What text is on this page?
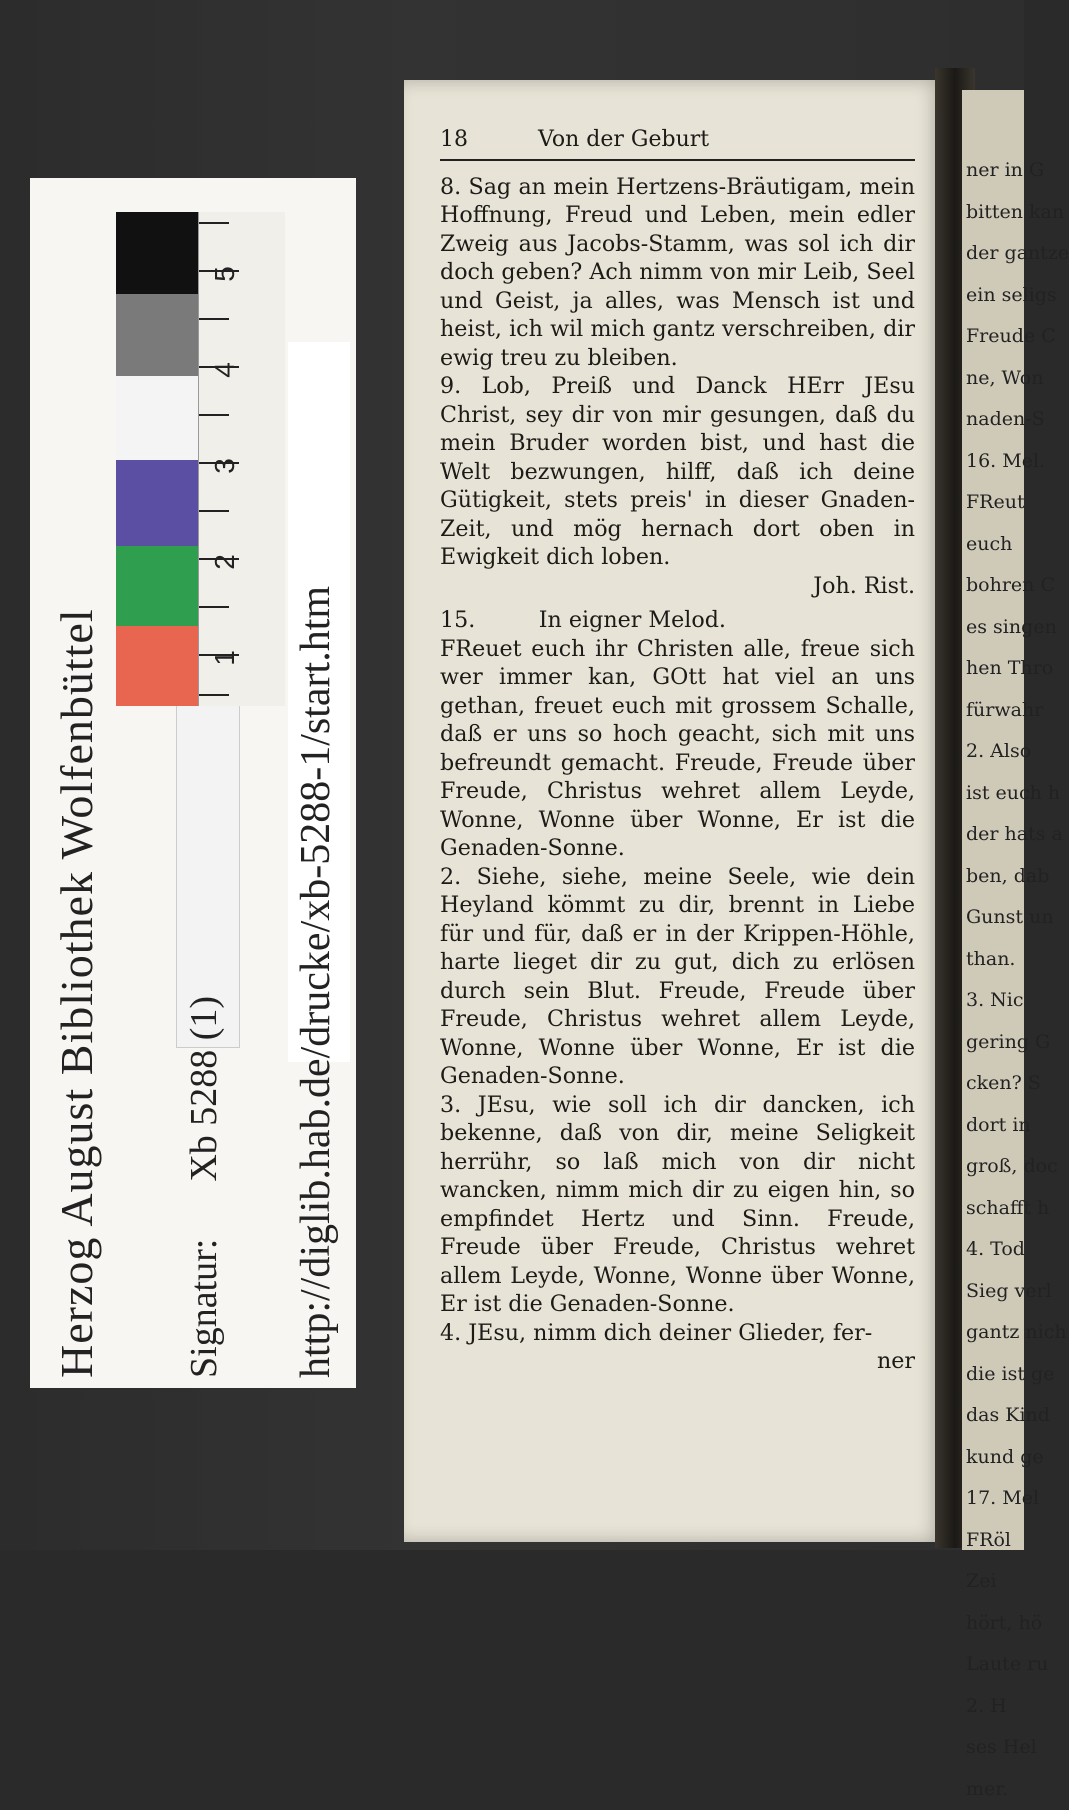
Herzog August Bibliothek Wolfenbüttel Signatur:      Xb 5288 (1) http://diglib.hab.de/drucke/xb-5288-1/start.htm
5
4
3
2
1
ner in G
bitten kan
der gantze
ein seligs
Freude C
ne, Won
naden-S
16. Mel.
FReut
euch
bohren C
es singen
hen Thro
fürwahr
2. Also
ist euch h
der hats a
ben, dab
Gunst un
than.
3. Nic
gering G
cken? S
dort in
groß, doc
schafft h
4. Tod
Sieg verl
gantz nich
die ist ge
das Kind
kund ge
17. Mel
FRöl
Zei
hört, hö
Laute ru
2. H
ses Hel
mer.
18	Von der Geburt

8. Sag an mein Hertzens-Bräutigam, mein Hoffnung, Freud und Leben, mein edler Zweig aus Jacobs-Stamm, was sol ich dir doch geben? Ach nimm von mir Leib, Seel und Geist, ja alles, was Mensch ist und heist, ich wil mich gantz verschreiben, dir ewig treu zu bleiben.

9. Lob, Preiß und Danck HErr JEsu Christ, sey dir von mir gesungen, daß du mein Bruder worden bist, und hast die Welt bezwungen, hilff, daß ich deine Gütigkeit, stets preis' in dieser Gnaden-Zeit, und mög hernach dort oben in Ewigkeit dich loben.

Joh. Rist.
15.	In eigner Melod.

FReuet euch ihr Christen alle, freue sich wer immer kan, GOtt hat viel an uns gethan, freuet euch mit grossem Schalle, daß er uns so hoch geacht, sich mit uns befreundt gemacht. Freude, Freude über Freude, Christus wehret allem Leyde, Wonne, Wonne über Wonne, Er ist die Genaden-Sonne.

2. Siehe, siehe, meine Seele, wie dein Heyland kömmt zu dir, brennt in Liebe für und für, daß er in der Krippen-Höhle, harte lieget dir zu gut, dich zu erlösen durch sein Blut. Freude, Freude über Freude, Christus wehret allem Leyde, Wonne, Wonne über Wonne, Er ist die Genaden-Sonne.

3. JEsu, wie soll ich dir dancken, ich bekenne, daß von dir, meine Seligkeit herrühr, so laß mich von dir nicht wancken, nimm mich dir zu eigen hin, so empfindet Hertz und Sinn. Freude, Freude über Freude, Christus wehret allem Leyde, Wonne, Wonne über Wonne, Er ist die Genaden-Sonne.

4. JEsu, nimm dich deiner Glieder, fer-

ner
